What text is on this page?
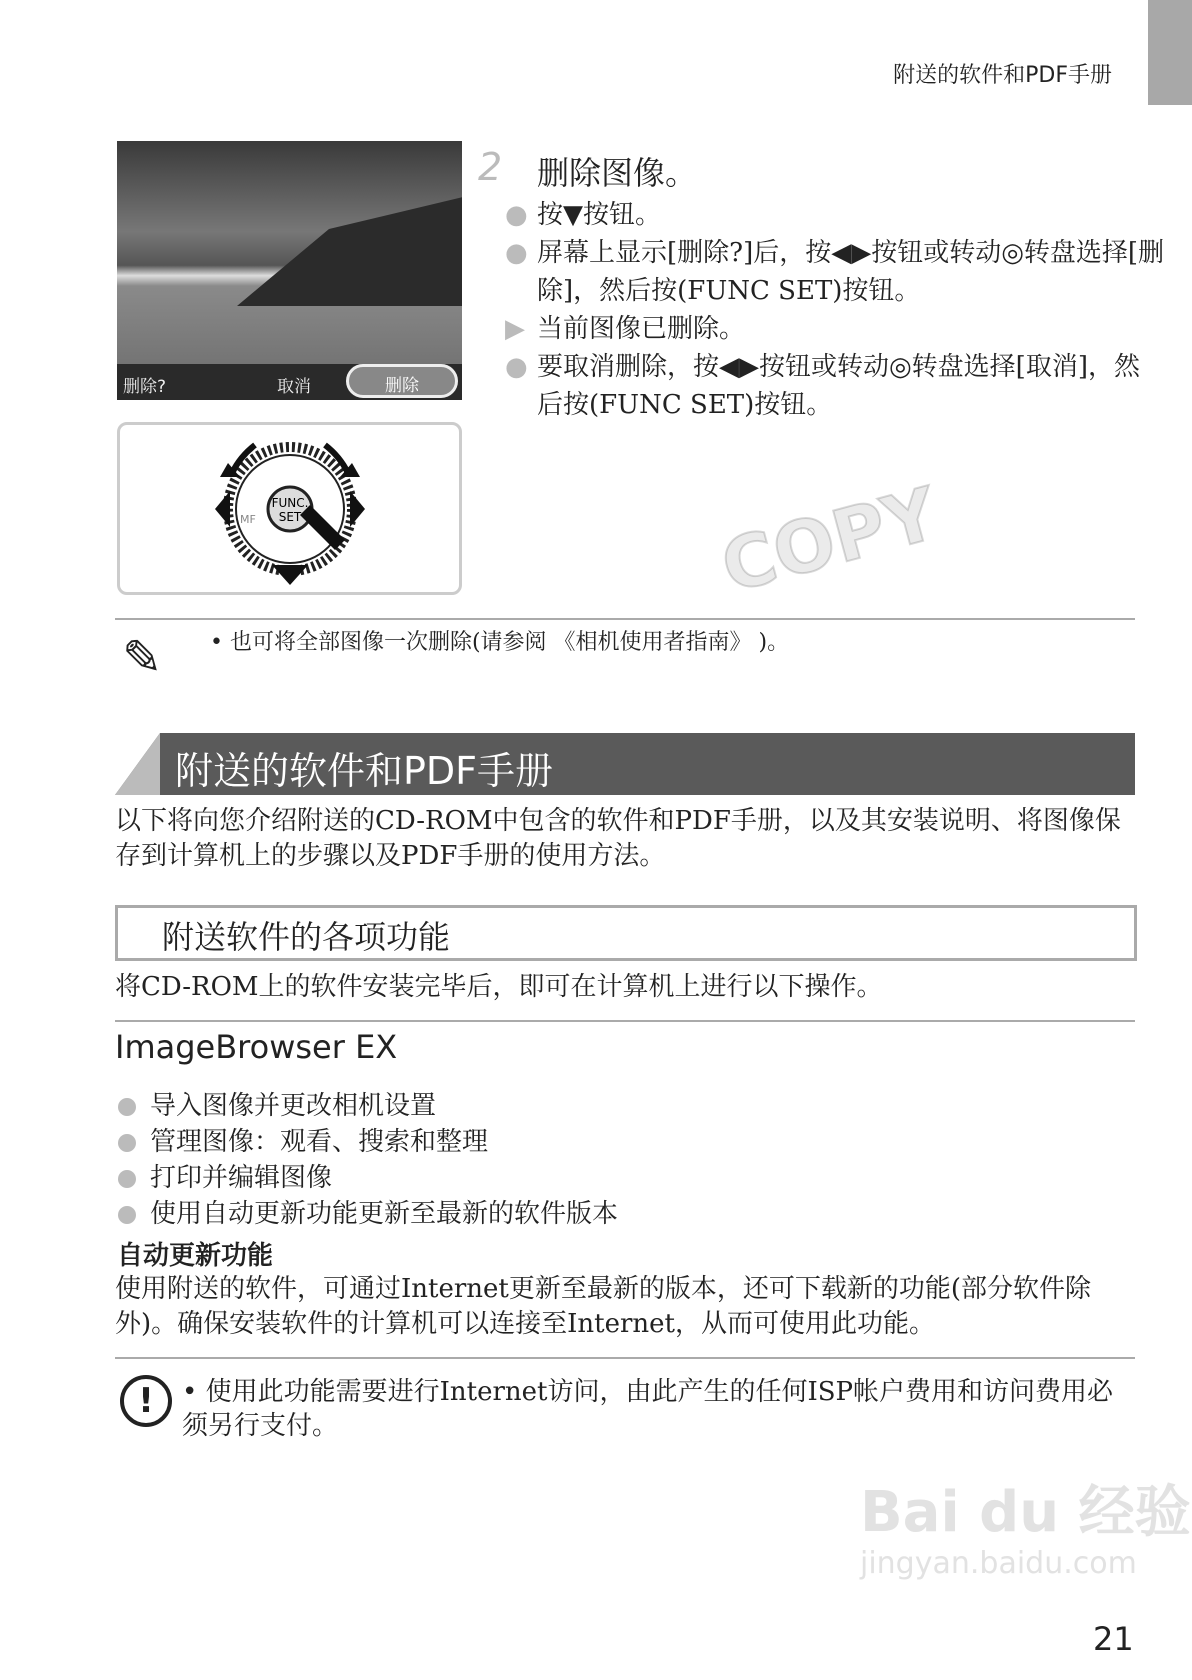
附送的软件和PDF手册
删除?	取消	删除
FUNC.
SET
MF
2 删除图像。
● 按▼按钮。
● 屏幕上显示[删除?]后，按◀▶按钮或转动◎转盘选择[删除]，然后按(FUNC SET)按钮。
▶ 当前图像已删除。
● 要取消删除，按◀▶按钮或转动◎转盘选择[取消]，然后按(FUNC SET)按钮。
COPY
✎ • 也可将全部图像一次删除(请参阅 《相机使用者指南》 )。
附送的软件和PDF手册
以下将向您介绍附送的CD-ROM中包含的软件和PDF手册，以及其安装说明、将图像保存到计算机上的步骤以及PDF手册的使用方法。
附送软件的各项功能
将CD-ROM上的软件安装完毕后，即可在计算机上进行以下操作。
ImageBrowser EX
导入图像并更改相机设置
管理图像：观看、搜索和整理
打印并编辑图像
使用自动更新功能更新至最新的软件版本
自动更新功能
使用附送的软件，可通过Internet更新至最新的版本，还可下载新的功能(部分软件除外)。确保安装软件的计算机可以连接至Internet，从而可使用此功能。
!	• 使用此功能需要进行Internet访问，由此产生的任何ISP帐户费用和访问费用必须另行支付。
Bai du 经验
jingyan.baidu.com
21
